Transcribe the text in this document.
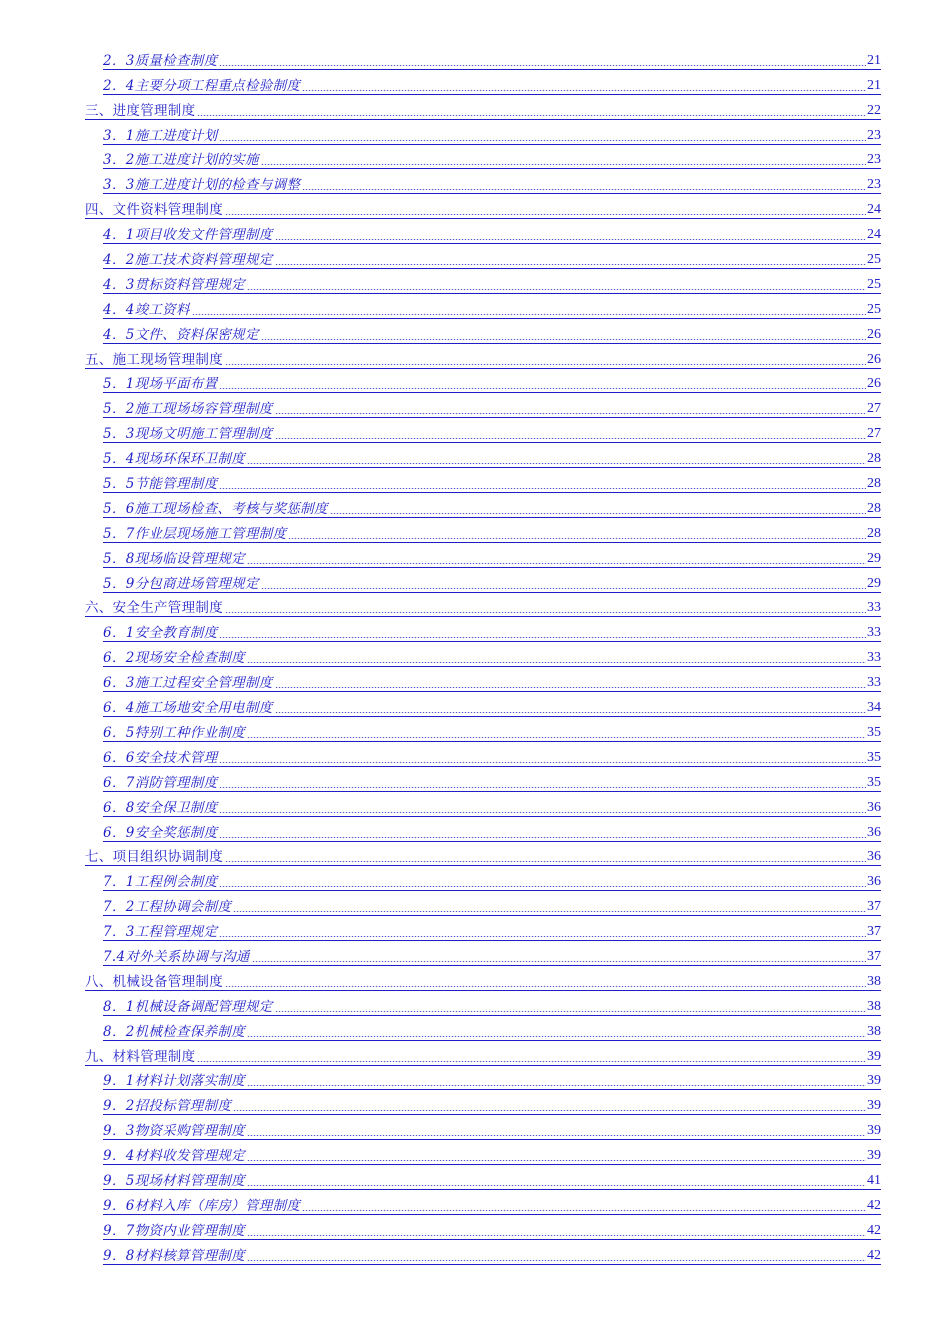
2．3质量检查制度	21
2．4主要分项工程重点检验制度	21
三、进度管理制度	22
3．1施工进度计划	23
3．2施工进度计划的实施	23
3．3施工进度计划的检查与调整	23
四、文件资料管理制度	24
4．1项目收发文件管理制度	24
4．2施工技术资料管理规定	25
4．3贯标资料管理规定	25
4．4竣工资料	25
4．5文件、资料保密规定	26
五、施工现场管理制度	26
5．1现场平面布置	26
5．2施工现场场容管理制度	27
5．3现场文明施工管理制度	27
5．4现场环保环卫制度	28
5．5节能管理制度	28
5．6施工现场检查、考核与奖惩制度	28
5．7作业层现场施工管理制度	28
5．8现场临设管理规定	29
5．9分包商进场管理规定	29
六、安全生产管理制度	33
6．1安全教育制度	33
6．2现场安全检查制度	33
6．3施工过程安全管理制度	33
6．4施工场地安全用电制度	34
6．5特别工种作业制度	35
6．6安全技术管理	35
6．7消防管理制度	35
6．8安全保卫制度	36
6．9安全奖惩制度	36
七、项目组织协调制度	36
7．1工程例会制度	36
7．2工程协调会制度	37
7．3工程管理规定	37
7.4对外关系协调与沟通	37
八、机械设备管理制度	38
8．1机械设备调配管理规定	38
8．2机械检查保养制度	38
九、材料管理制度	39
9．1材料计划落实制度	39
9．2招投标管理制度	39
9．3物资采购管理制度	39
9．4材料收发管理规定	39
9．5现场材料管理制度	41
9．6材料入库（库房）管理制度	42
9．7物资内业管理制度	42
9．8材料核算管理制度	42
